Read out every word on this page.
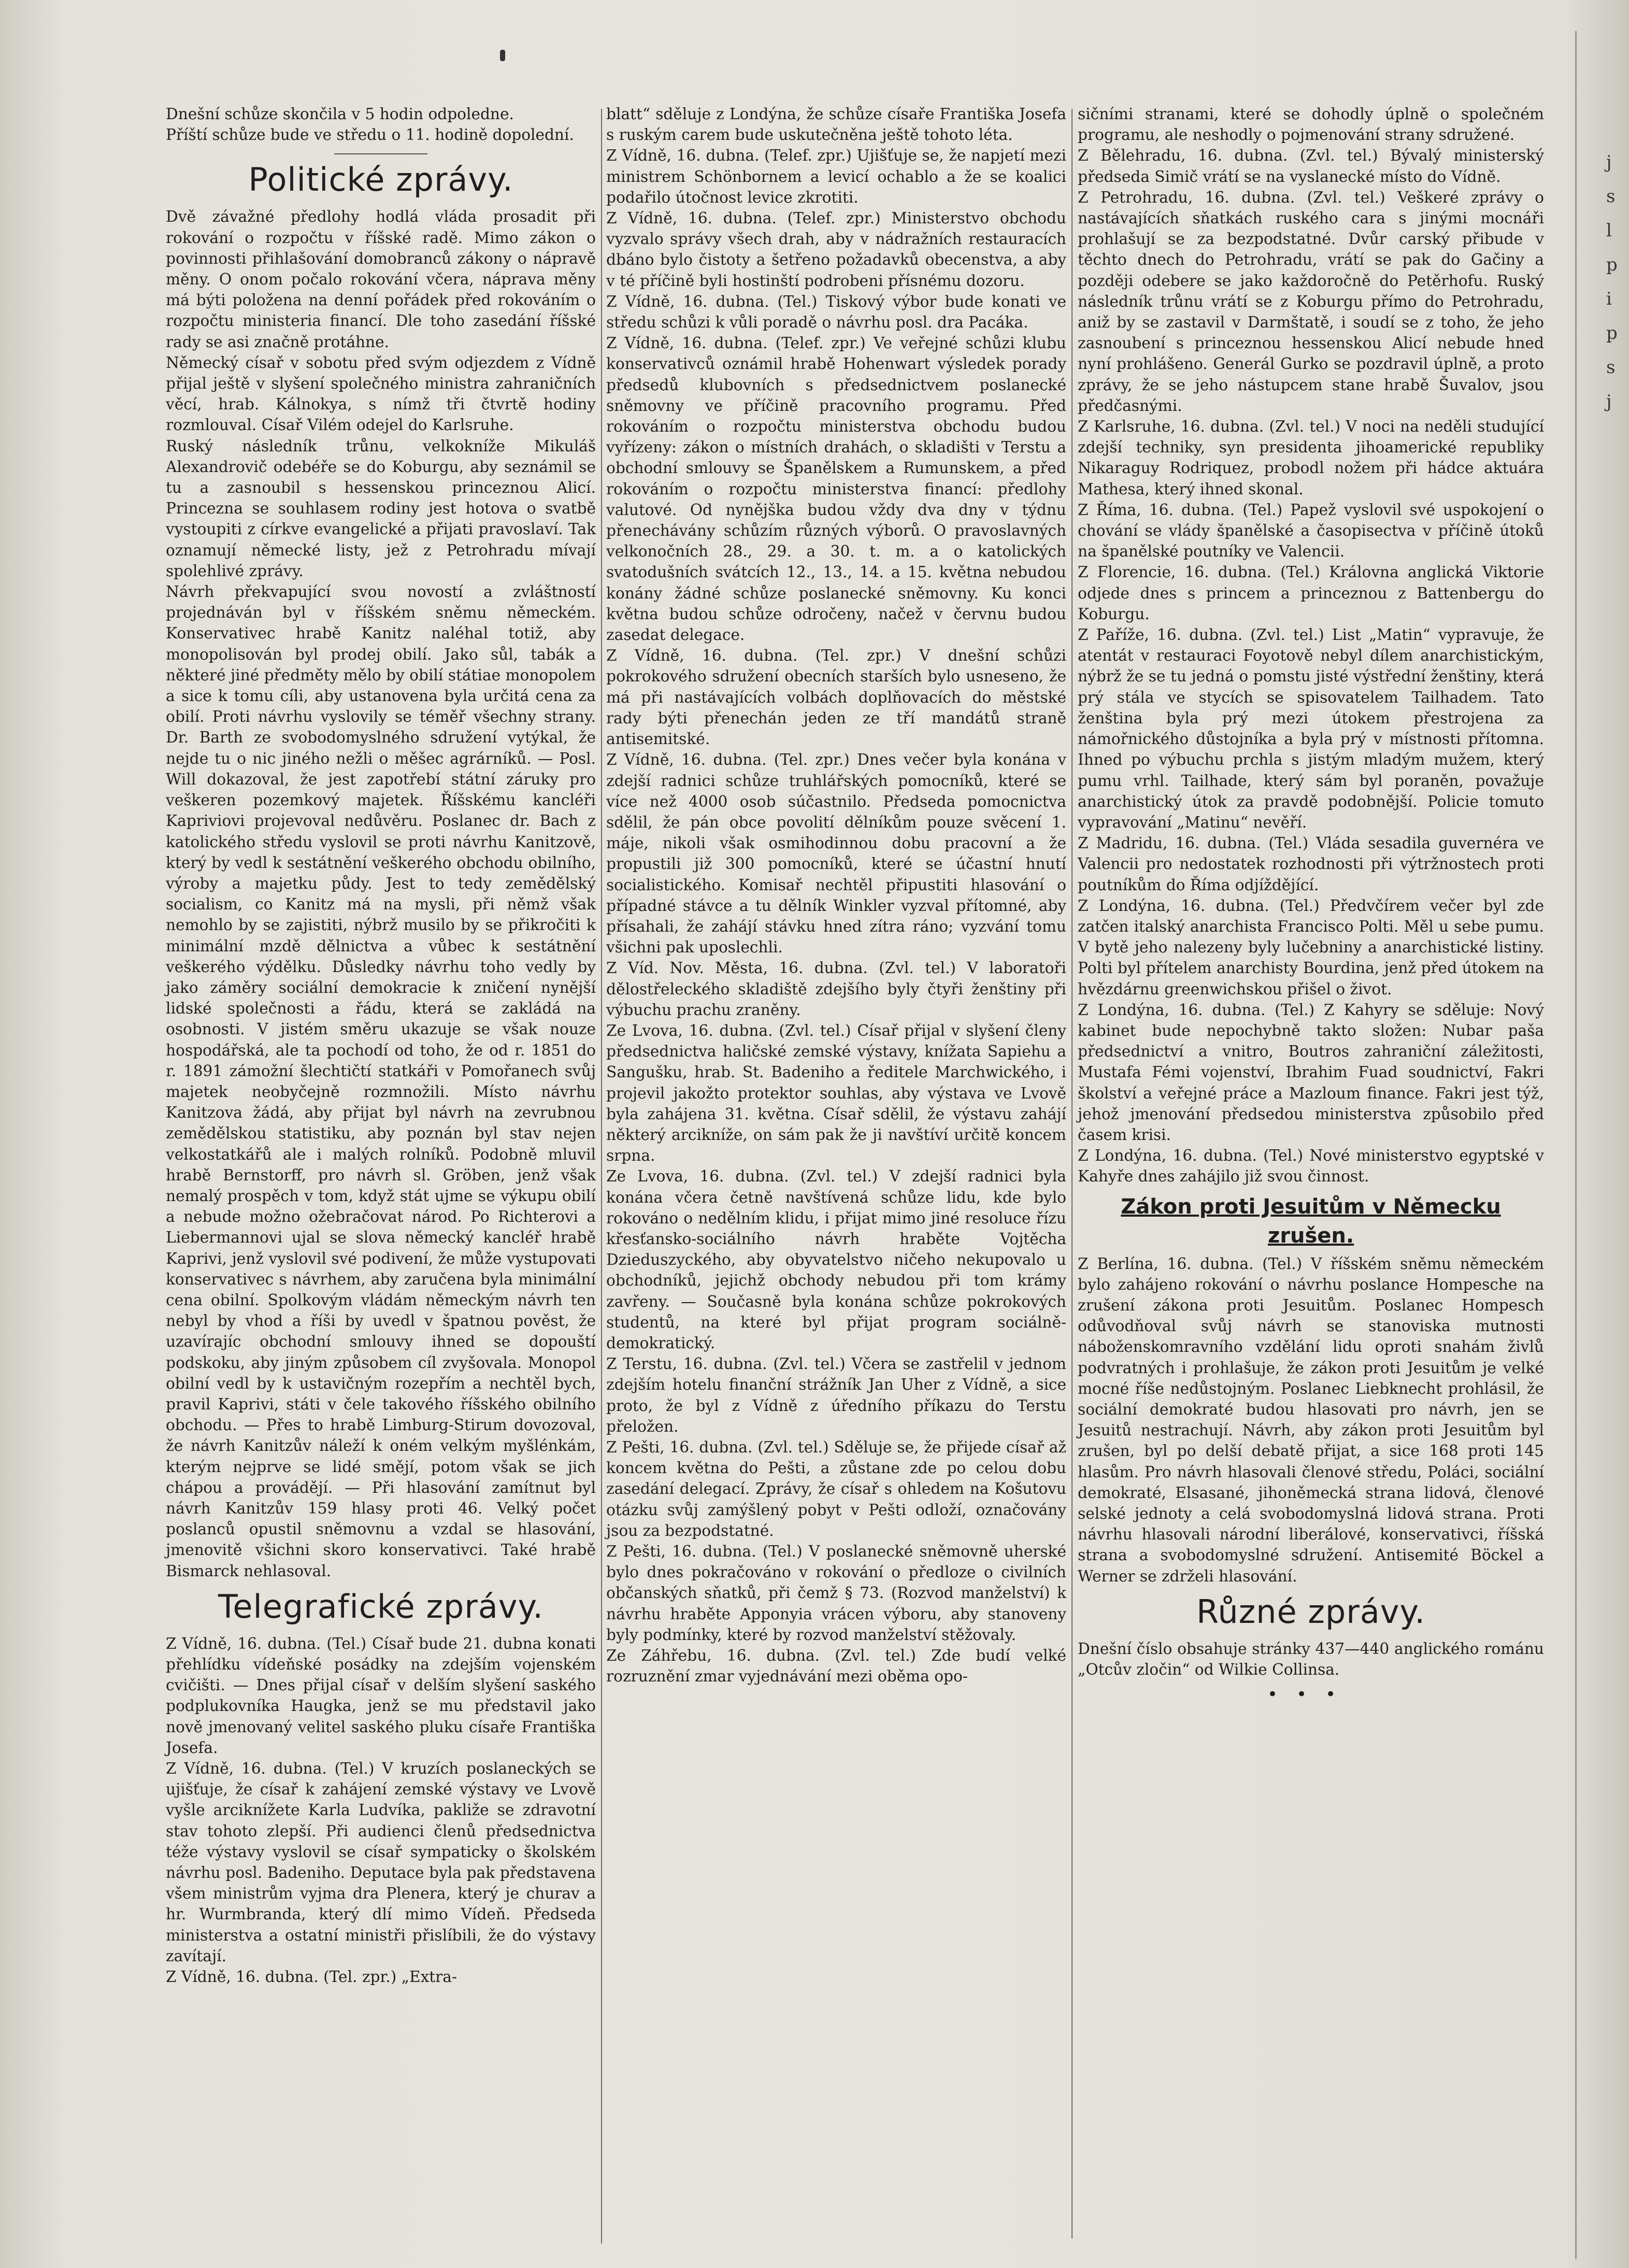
Dnešní schůze skončila v 5 hodin odpoledne.

Příští schůze bude ve středu o 11. hodině dopolední.

Politické zprávy.

Dvě závažné předlohy hodlá vláda prosadit při rokování o rozpočtu v říšské radě. Mimo zákon o povinnosti přihlašování domobranců zákony o nápravě měny. O onom počalo rokování včera, náprava měny má býti položena na denní pořádek před rokováním o rozpočtu ministeria financí. Dle toho zasedání říšské rady se asi značně protáhne.

Německý císař v sobotu před svým odjezdem z Vídně přijal ještě v slyšení společného ministra zahraničních věcí, hrab. Kálnokya, s nímž tři čtvrtě hodiny rozmlouval. Císař Vilém odejel do Karlsruhe.

Ruský následník trůnu, velkokníže Mikuláš Alexandrovič odebéře se do Koburgu, aby seznámil se tu a zasnoubil s hessenskou princeznou Alicí. Princezna se souhlasem rodiny jest hotova o svatbě vystoupiti z církve evangelické a přijati pravoslaví. Tak oznamují německé listy, jež z Petrohradu mívají spolehlivé zprávy.

Návrh překvapující svou novostí a zvláštností projednáván byl v říšském sněmu německém. Konservativec hrabě Kanitz naléhal totiž, aby monopolisován byl prodej obilí. Jako sůl, tabák a některé jiné předměty mělo by obilí státiae monopolem a sice k tomu cíli, aby ustanovena byla určitá cena za obilí. Proti návrhu vyslovily se téměř všechny strany. Dr. Barth ze svobodomyslného sdružení vytýkal, že nejde tu o nic jiného nežli o měšec agrárníků. — Posl. Will dokazoval, že jest zapotřebí státní záruky pro veškeren pozemkový majetek. Říšskému kancléři Kapriviovi projevoval nedůvěru. Poslanec dr. Bach z katolického středu vyslovil se proti návrhu Kanitzově, který by vedl k sestátnění veškerého obchodu obilního, výroby a majetku půdy. Jest to tedy zemědělský socialism, co Kanitz má na mysli, při němž však nemohlo by se zajistiti, nýbrž musilo by se přikročiti k minimální mzdě dělnictva a vůbec k sestátnění veškerého výdělku. Důsledky návrhu toho vedly by jako záměry sociální demokracie k zničení nynější lidské společnosti a řádu, která se zakládá na osobnosti. V jistém směru ukazuje se však nouze hospodářská, ale ta pochodí od toho, že od r. 1851 do r. 1891 zámožní šlechtičtí statkáři v Pomořanech svůj majetek neobyčejně rozmnožili. Místo návrhu Kanitzova žádá, aby přijat byl návrh na zevrubnou zemědělskou statistiku, aby poznán byl stav nejen velkostatkářů ale i malých rolníků. Podobně mluvil hrabě Bernstorff, pro návrh sl. Gröben, jenž však nemalý prospěch v tom, když stát ujme se výkupu obilí a nebude možno ožebračovat národ. Po Richterovi a Liebermannovi ujal se slova německý kancléř hrabě Kaprivi, jenž vyslovil své podivení, že může vystupovati konservativec s návrhem, aby zaručena byla minimální cena obilní. Spolkovým vládám německým návrh ten nebyl by vhod a říši by uvedl v špatnou pověst, že uzavírajíc obchodní smlouvy ihned se dopouští podskoku, aby jiným způsobem cíl zvyšovala. Monopol obilní vedl by k ustavičným rozepřím a nechtěl bych, pravil Kaprivi, státi v čele takového říšského obilního obchodu. — Přes to hrabě Limburg-Stirum dovozoval, že návrh Kanitzův náleží k oném velkým myšlénkám, kterým nejprve se lidé smějí, potom však se jich chápou a provádějí. — Při hlasování zamítnut byl návrh Kanitzův 159 hlasy proti 46. Velký počet poslanců opustil sněmovnu a vzdal se hlasování, jmenovitě všichni skoro konservativci. Také hrabě Bismarck nehlasoval.

Telegrafické zprávy.

Z Vídně, 16. dubna. (Tel.) Císař bude 21. dubna konati přehlídku vídeňské posádky na zdejším vojenském cvičišti. — Dnes přijal císař v delším slyšení saského podplukovníka Haugka, jenž se mu představil jako nově jmenovaný velitel saského pluku císaře Františka Josefa.

Z Vídně, 16. dubna. (Tel.) V kruzích poslaneckých se ujišťuje, že císař k zahájení zemské výstavy ve Lvově vyšle arciknížete Karla Ludvíka, pakliže se zdravotní stav tohoto zlepší. Při audienci členů předsednictva téže výstavy vyslovil se císař sympaticky o školském návrhu posl. Badeniho. Deputace byla pak představena všem ministrům vyjma dra Plenera, který je churav a hr. Wurmbranda, který dlí mimo Vídeň. Předseda ministerstva a ostatní ministři přislíbili, že do výstavy zavítají.

Z Vídně, 16. dubna. (Tel. zpr.) „Extra-

blatt“ sděluje z Londýna, že schůze císaře Františka Josefa s ruským carem bude uskutečněna ještě tohoto léta.

Z Vídně, 16. dubna. (Telef. zpr.) Ujišťuje se, že napjetí mezi ministrem Schönbornem a levicí ochablo a že se koalici podařilo útočnost levice zkrotiti.

Z Vídně, 16. dubna. (Telef. zpr.) Ministerstvo obchodu vyzvalo správy všech drah, aby v nádražních restauracích dbáno bylo čistoty a šetřeno požadavků obecenstva, a aby v té příčině byli hostinští podrobeni přísnému dozoru.

Z Vídně, 16. dubna. (Tel.) Tiskový výbor bude konati ve středu schůzi k vůli poradě o návrhu posl. dra Pacáka.

Z Vídně, 16. dubna. (Telef. zpr.) Ve veřejné schůzi klubu konservativců oznámil hrabě Hohenwart výsledek porady předsedů klubovních s předsednictvem poslanecké sněmovny ve příčině pracovního programu. Před rokováním o rozpočtu ministerstva obchodu budou vyřízeny: zákon o místních drahách, o skladišti v Terstu a obchodní smlouvy se Španělskem a Rumunskem, a před rokováním o rozpočtu ministerstva financí: předlohy valutové. Od nynějška budou vždy dva dny v týdnu přenechávány schůzím různých výborů. O pravoslavných velkonočních 28., 29. a 30. t. m. a o katolických svatodušních svátcích 12., 13., 14. a 15. května nebudou konány žádné schůze poslanecké sněmovny. Ku konci května budou schůze odročeny, načež v červnu budou zasedat delegace.

Z Vídně, 16. dubna. (Tel. zpr.) V dnešní schůzi pokrokového sdružení obecních starších bylo usneseno, že má při nastávajících volbách doplňovacích do městské rady býti přenechán jeden ze tří mandátů straně antisemitské.

Z Vídně, 16. dubna. (Tel. zpr.) Dnes večer byla konána v zdejší radnici schůze truhlářských pomocníků, které se více než 4000 osob súčastnilo. Předseda pomocnictva sdělil, že pán obce povolití dělníkům pouze svěcení 1. máje, nikoli však osmihodinnou dobu pracovní a že propustili již 300 pomocníků, které se účastní hnutí socialistického. Komisař nechtěl připustiti hlasování o případné stávce a tu dělník Winkler vyzval přítomné, aby přísahali, že zahájí stávku hned zítra ráno; vyzvání tomu všichni pak uposlechli.

Z Víd. Nov. Města, 16. dubna. (Zvl. tel.) V laboratoři dělostřeleckého skladiště zdejšího byly čtyři ženštiny při výbuchu prachu zraněny.

Ze Lvova, 16. dubna. (Zvl. tel.) Císař přijal v slyšení členy předsednictva haličské zemské výstavy, knížata Sapiehu a Sangušku, hrab. St. Badeniho a ředitele Marchwického, i projevil jakožto protektor souhlas, aby výstava ve Lvově byla zahájena 31. května. Císař sdělil, že výstavu zahájí některý arcikníže, on sám pak že ji navštíví určitě koncem srpna.

Ze Lvova, 16. dubna. (Zvl. tel.) V zdejší radnici byla konána včera četně navštívená schůze lidu, kde bylo rokováno o nedělním klidu, i přijat mimo jiné resoluce řízu křesťansko-sociálního návrh hraběte Vojtěcha Dzieduszyckého, aby obyvatelstvo ničeho nekupovalo u obchodníků, jejichž obchody nebudou při tom krámy zavřeny. — Současně byla konána schůze pokrokových studentů, na které byl přijat program sociálně-demokratický.

Z Terstu, 16. dubna. (Zvl. tel.) Včera se zastřelil v jednom zdejším hotelu finanční strážník Jan Uher z Vídně, a sice proto, že byl z Vídně z úředního příkazu do Terstu přeložen.

Z Pešti, 16. dubna. (Zvl. tel.) Sděluje se, že přijede císař až koncem května do Pešti, a zůstane zde po celou dobu zasedání delegací. Zprávy, že císař s ohledem na Košutovu otázku svůj zamýšlený pobyt v Pešti odloží, označovány jsou za bezpodstatné.

Z Pešti, 16. dubna. (Tel.) V poslanecké sněmovně uherské bylo dnes pokračováno v rokování o předloze o civilních občanských sňatků, při čemž § 73. (Rozvod manželství) k návrhu hraběte Apponyia vrácen výboru, aby stanoveny byly podmínky, které by rozvod manželství stěžovaly.

Ze Záhřebu, 16. dubna. (Zvl. tel.) Zde budí velké rozruznění zmar vyjednávání mezi oběma opo-

sičními stranami, které se dohodly úplně o společném programu, ale neshodly o pojmenování strany sdružené.

Z Bělehradu, 16. dubna. (Zvl. tel.) Bývalý ministerský předseda Simič vrátí se na vyslanecké místo do Vídně.

Z Petrohradu, 16. dubna. (Zvl. tel.) Veškeré zprávy o nastávajících sňatkách ruského cara s jinými mocnáři prohlašují se za bezpodstatné. Dvůr carský přibude v těchto dnech do Petrohradu, vrátí se pak do Gačiny a později odebere se jako každoročně do Petěrhofu. Ruský následník trůnu vrátí se z Koburgu přímo do Petrohradu, aniž by se zastavil v Darmštatě, i soudí se z toho, že jeho zasnoubení s princeznou hessenskou Alicí nebude hned nyní prohlášeno. Generál Gurko se pozdravil úplně, a proto zprávy, že se jeho nástupcem stane hrabě Šuvalov, jsou předčasnými.

Z Karlsruhe, 16. dubna. (Zvl. tel.) V noci na neděli studující zdejší techniky, syn presidenta jihoamerické republiky Nikaraguy Rodriquez, probodl nožem při hádce aktuára Mathesa, který ihned skonal.

Z Říma, 16. dubna. (Tel.) Papež vyslovil své uspokojení o chování se vlády španělské a časopisectva v příčině útoků na španělské poutníky ve Valencii.

Z Florencie, 16. dubna. (Tel.) Královna anglická Viktorie odjede dnes s princem a princeznou z Battenbergu do Koburgu.

Z Paříže, 16. dubna. (Zvl. tel.) List „Matin“ vypravuje, že atentát v restauraci Foyotově nebyl dílem anarchistickým, nýbrž že se tu jedná o pomstu jisté výstřední ženštiny, která prý stála ve stycích se spisovatelem Tailhadem. Tato ženština byla prý mezi útokem přestrojena za námořnického důstojníka a byla prý v místnosti přítomna. Ihned po výbuchu prchla s jistým mladým mužem, který pumu vrhl. Tailhade, který sám byl poraněn, považuje anarchistický útok za pravdě podobnější. Policie tomuto vypravování „Matinu“ nevěří.

Z Madridu, 16. dubna. (Tel.) Vláda sesadila guvernéra ve Valencii pro nedostatek rozhodnosti při výtržnostech proti poutníkům do Říma odjíždějící.

Z Londýna, 16. dubna. (Tel.) Předvčírem večer byl zde zatčen italský anarchista Francisco Polti. Měl u sebe pumu. V bytě jeho nalezeny byly lučebniny a anarchistické listiny. Polti byl přítelem anarchisty Bourdina, jenž před útokem na hvězdárnu greenwichskou přišel o život.

Z Londýna, 16. dubna. (Tel.) Z Kahyry se sděluje: Nový kabinet bude nepochybně takto složen: Nubar paša předsednictví a vnitro, Boutros zahraniční záležitosti, Mustafa Fémi vojenství, Ibrahim Fuad soudnictví, Fakri školství a veřejné práce a Mazloum finance. Fakri jest týž, jehož jmenování předsedou ministerstva způsobilo před časem krisi.

Z Londýna, 16. dubna. (Tel.) Nové ministerstvo egyptské v Kahyře dnes zahájilo již svou činnost.

Zákon proti Jesuitům v Německu zrušen.

Z Berlína, 16. dubna. (Tel.) V říšském sněmu německém bylo zahájeno rokování o návrhu poslance Hompesche na zrušení zákona proti Jesuitům. Poslanec Hompesch odůvodňoval svůj návrh se stanoviska mutnosti náboženskomravního vzdělání lidu oproti snahám živlů podvratných i prohlašuje, že zákon proti Jesuitům je velké mocné říše nedůstojným. Poslanec Liebknecht prohlásil, že sociální demokraté budou hlasovati pro návrh, jen se Jesuitů nestrachují. Návrh, aby zákon proti Jesuitům byl zrušen, byl po delší debatě přijat, a sice 168 proti 145 hlasům. Pro návrh hlasovali členové středu, Poláci, sociální demokraté, Elsasané, jihoněmecká strana lidová, členové selské jednoty a celá svobodomyslná lidová strana. Proti návrhu hlasovali národní liberálové, konservativci, říšská strana a svobodomyslné sdružení. Antisemité Böckel a Werner se zdrželi hlasování.

Různé zprávy.

Dnešní číslo obsahuje stránky 437—440 anglického románu „Otcův zločin“ od Wilkie Collinsa.

•••
j
s
l
p
i
p
s
j
